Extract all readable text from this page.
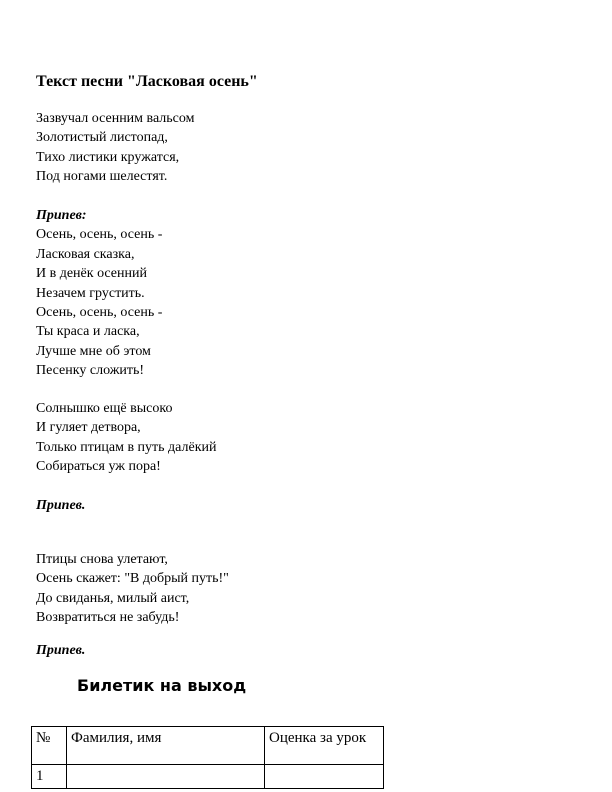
Текст песни "Ласковая осень"
Зазвучал осенним вальсом
Золотистый листопад,
Тихо листики кружатся,
Под ногами шелестят.
Припев:
Осень, осень, осень -
Ласковая сказка,
И в денёк осенний
Незачем грустить.
Осень, осень, осень -
Ты краса и ласка,
Лучше мне об этом
Песенку сложить!
Солнышко ещё высоко
И гуляет детвора,
Только птицам в путь далёкий
Собираться уж пора!
Припев.
Птицы снова улетают,
Осень скажет: "В добрый путь!"
До свиданья, милый аист,
Возвратиться не забудь!
Припев.
Билетик на выход
№	Фамилия, имя	Оценка за урок
1		
